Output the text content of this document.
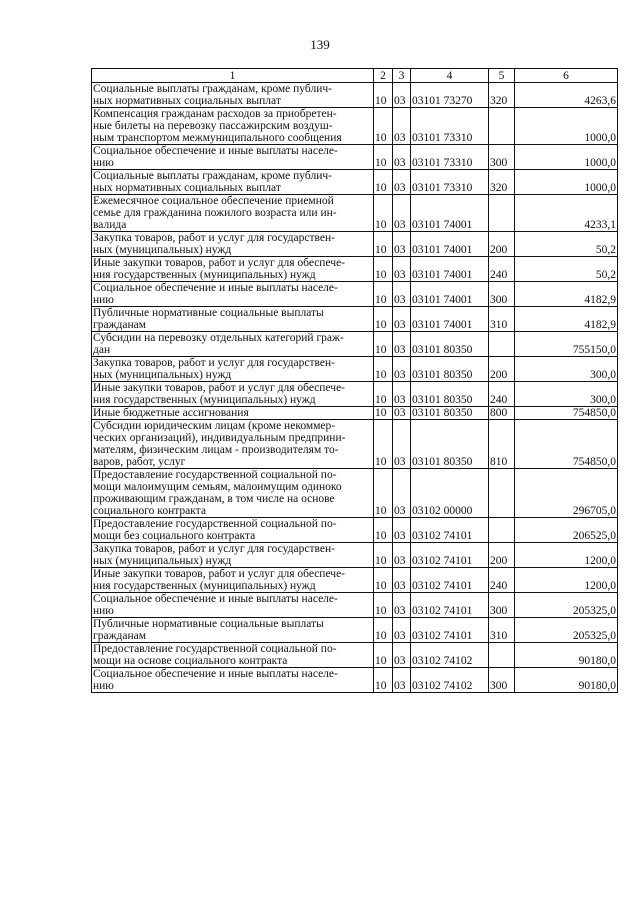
139
1	2	3	4	5	6

Социальные выплаты гражданам, кроме публич-
ных нормативных социальных выплат	10	03	03101 73270	320	4263,6

Компенсация гражданам расходов за приобретен-
ные билеты на перевозку пассажирским воздуш-
ным транспортом межмуниципального сообщения	10	03	03101 73310		1000,0

Социальное обеспечение и иные выплаты населе-
нию	10	03	03101 73310	300	1000,0

Социальные выплаты гражданам, кроме публич-
ных нормативных социальных выплат	10	03	03101 73310	320	1000,0

Ежемесячное социальное обеспечение приемной
семье для гражданина пожилого возраста или ин-
валида	10	03	03101 74001		4233,1

Закупка товаров, работ и услуг для государствен-
ных (муниципальных) нужд	10	03	03101 74001	200	50,2

Иные закупки товаров, работ и услуг для обеспече-
ния государственных (муниципальных) нужд	10	03	03101 74001	240	50,2

Социальное обеспечение и иные выплаты населе-
нию	10	03	03101 74001	300	4182,9

Публичные нормативные социальные выплаты
гражданам	10	03	03101 74001	310	4182,9

Субсидии на перевозку отдельных категорий граж-
дан	10	03	03101 80350		755150,0

Закупка товаров, работ и услуг для государствен-
ных (муниципальных) нужд	10	03	03101 80350	200	300,0

Иные закупки товаров, работ и услуг для обеспече-
ния государственных (муниципальных) нужд	10	03	03101 80350	240	300,0

Иные бюджетные ассигнования	10	03	03101 80350	800	754850,0

Субсидии юридическим лицам (кроме некоммер-
ческих организаций), индивидуальным предприни-
мателям, физическим лицам - производителям то-
варов, работ, услуг	10	03	03101 80350	810	754850,0

Предоставление государственной социальной по-
мощи малоимущим семьям, малоимущим одиноко
проживающим гражданам, в том числе на основе
социального контракта	10	03	03102 00000		296705,0

Предоставление государственной социальной по-
мощи без социального контракта	10	03	03102 74101		206525,0

Закупка товаров, работ и услуг для государствен-
ных (муниципальных) нужд	10	03	03102 74101	200	1200,0

Иные закупки товаров, работ и услуг для обеспече-
ния государственных (муниципальных) нужд	10	03	03102 74101	240	1200,0

Социальное обеспечение и иные выплаты населе-
нию	10	03	03102 74101	300	205325,0

Публичные нормативные социальные выплаты
гражданам	10	03	03102 74101	310	205325,0

Предоставление государственной социальной по-
мощи на основе социального контракта	10	03	03102 74102		90180,0

Социальное обеспечение и иные выплаты населе-
нию	10	03	03102 74102	300	90180,0
